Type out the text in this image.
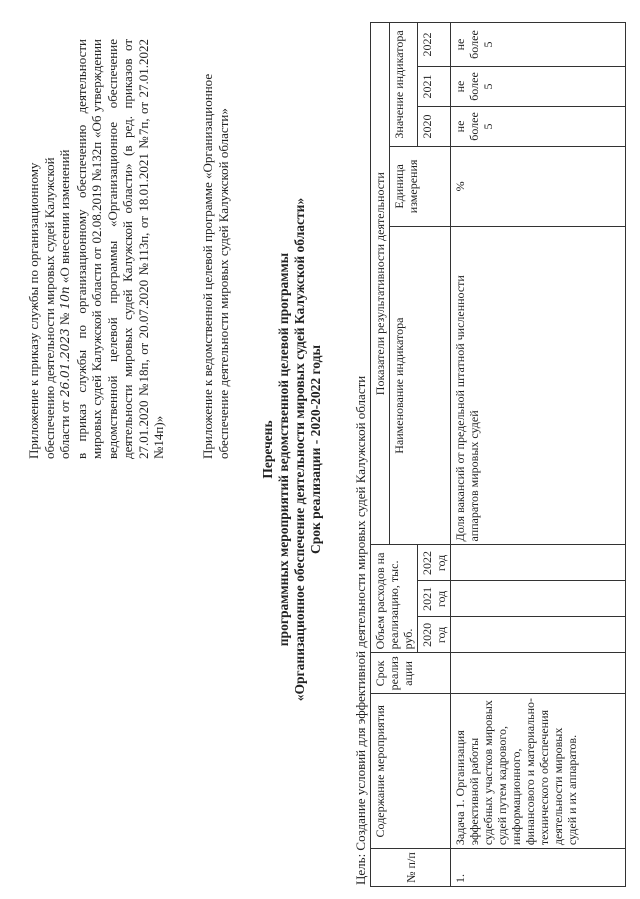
Приложение к приказу службы по организационному обеспечению деятельности мировых судей Калужской области от 26.01.2023 № 10п «О внесении изменений в приказ службы по организационному обеспечению деятельности мировых судей Калужской области от 02.08.2019 №132п «Об утверждении ведомственной целевой программы «Организационное обеспечение деятельности мировых судей Калужской области» (в ред. приказов от 27.01.2020 №18п, от 20.07.2020 №113п, от 18.01.2021 №7п, от 27.01.2022 №14п)»	Приложение к ведомственной целевой программе «Организационное обеспечение деятельности мировых судей Калужской области» Перечень программных мероприятий ведомственной целевой программы «Организационное обеспечение деятельности мировых судей Калужской области» Срок реализации - 2020-2022 годы Цель: Создание условий для эффективной деятельности мировых судей Калужской области	№ п/п	Содержание мероприятия	Срок реализ ации	Объем расходов на реализацию, тыс. руб.			Показатели результативности деятельности				
						Наименование индикатора	Единица измерения	Значение индикатора		
			2020 год	2021 год	2022 год			2020	2021	2022
1.	Задача 1. Организация эффективной работы судебных участков мировых судей путем кадрового, информационного, финансового и материально-технического обеспечения деятельности мировых судей и их аппаратов.					Доля вакансий от предельной штатной численности аппаратов мировых судей	%	не более 5	не более 5	не более 5
